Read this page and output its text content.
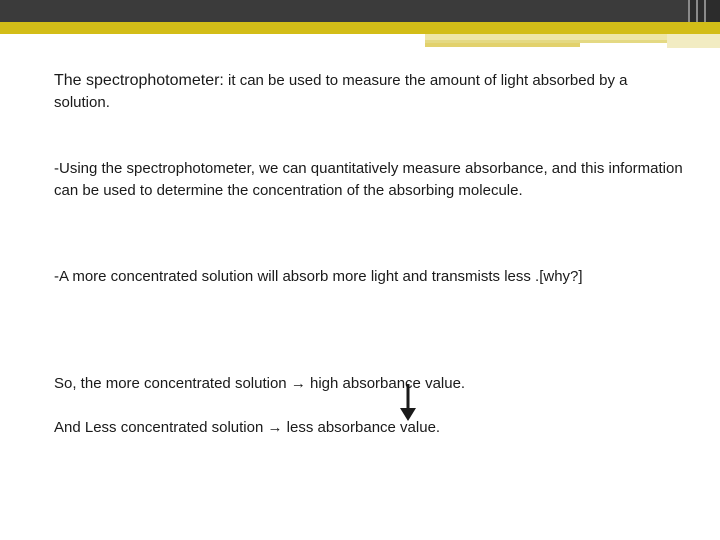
The spectrophotometer: it can be used to measure the amount of light absorbed by a solution.

-Using the spectrophotometer, we can quantitatively measure absorbance, and this information can be used to determine the concentration of the absorbing molecule.

-A more concentrated solution will absorb more light and transmists less .[why?]

So, the more concentrated solution → high absorbance value.

And Less concentrated solution → less absorbance value.
